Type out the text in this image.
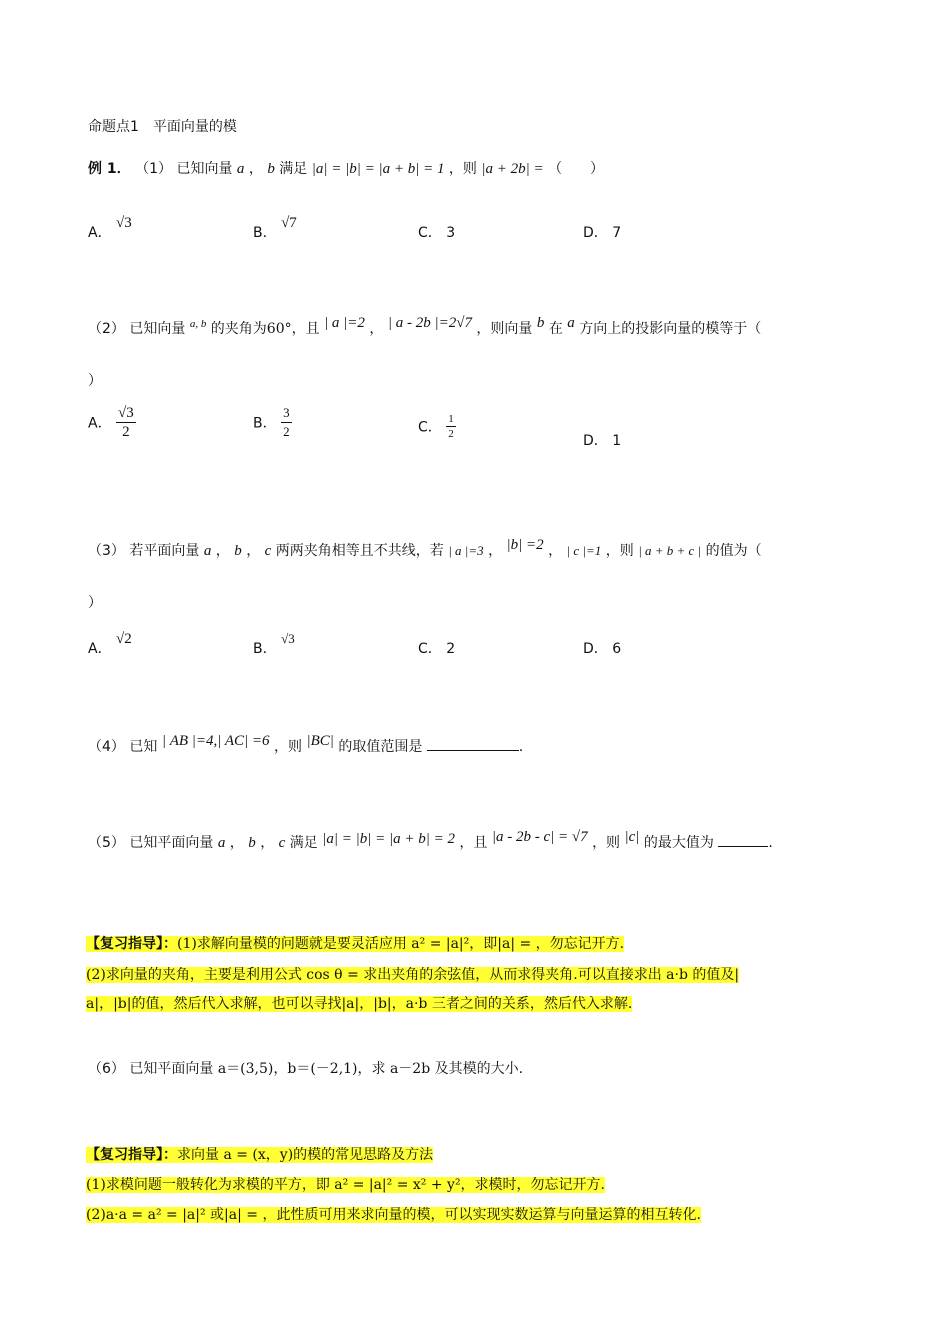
命题点1　平面向量的模
例 1． （1） 已知向量 a ， b 满足 |a| = |b| = |a + b| = 1 ，则 |a + 2b| = （　　）
A． √3
B． √7
C． 3	D． 7
（2） 已知向量 $^{a, b}$ 的夹角为60°，且 | a |=2 ， | a - 2b |=2√7 ，则向量 b 在 a 方向上的投影向量的模等于（
）
A． $\frac{√3}{2}$	B． $\frac{3}{2}$	C． $\frac{1}{2}$	D． 1
（3） 若平面向量 a ， b ， c 两两夹角相等且不共线，若 | a |=3 ， |b| =2 ， | c |=1 ，则 | a + b + c | 的值为（
）
A． √2
B． √3
C． 2	D． 6
（4） 已知 | AB |=4,| AC| =6 ，则 |BC| 的取值范围是	.
（5） 已知平面向量 a ， b ， c 满足 |a| = |b| = |a + b| = 2 ，且 |a - 2b - c| = √7 ，则 |c| 的最大值为	.
【复习指导】：(1)求解向量模的问题就是要灵活应用 a² = |a|²，即|a| = ，勿忘记开方.
(2)求向量的夹角，主要是利用公式 cos θ = 求出夹角的余弦值，从而求得夹角.可以直接求出 a·b 的值及|
a|，|b|的值，然后代入求解，也可以寻找|a|，|b|，a·b 三者之间的关系，然后代入求解.
（6） 已知平面向量 a＝(3,5)，b＝(－2,1)，求 a－2b 及其模的大小.
【复习指导】：求向量 a = (x，y)的模的常见思路及方法
(1)求模问题一般转化为求模的平方，即 a² = |a|² = x² + y²，求模时，勿忘记开方.
(2)a·a = a² = |a|² 或|a| = ，此性质可用来求向量的模，可以实现实数运算与向量运算的相互转化.
